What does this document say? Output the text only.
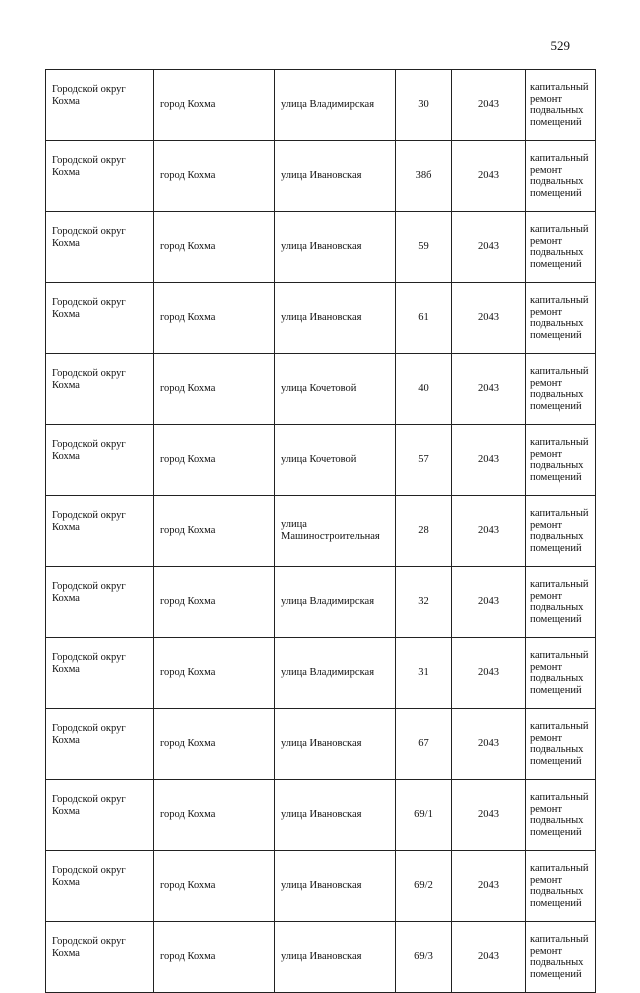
529
Городской округ Кохма	город Кохма	улица Владимирская	30	2043	капитальный ремонт подвальных помещений
Городской округ Кохма	город Кохма	улица Ивановская	38б	2043	капитальный ремонт подвальных помещений
Городской округ Кохма	город Кохма	улица Ивановская	59	2043	капитальный ремонт подвальных помещений
Городской округ Кохма	город Кохма	улица Ивановская	61	2043	капитальный ремонт подвальных помещений
Городской округ Кохма	город Кохма	улица Кочетовой	40	2043	капитальный ремонт подвальных помещений
Городской округ Кохма	город Кохма	улица Кочетовой	57	2043	капитальный ремонт подвальных помещений
Городской округ Кохма	город Кохма	улица Машиностроительная	28	2043	капитальный ремонт подвальных помещений
Городской округ Кохма	город Кохма	улица Владимирская	32	2043	капитальный ремонт подвальных помещений
Городской округ Кохма	город Кохма	улица Владимирская	31	2043	капитальный ремонт подвальных помещений
Городской округ Кохма	город Кохма	улица Ивановская	67	2043	капитальный ремонт подвальных помещений
Городской округ Кохма	город Кохма	улица Ивановская	69/1	2043	капитальный ремонт подвальных помещений
Городской округ Кохма	город Кохма	улица Ивановская	69/2	2043	капитальный ремонт подвальных помещений
Городской округ Кохма	город Кохма	улица Ивановская	69/3	2043	капитальный ремонт подвальных помещений
